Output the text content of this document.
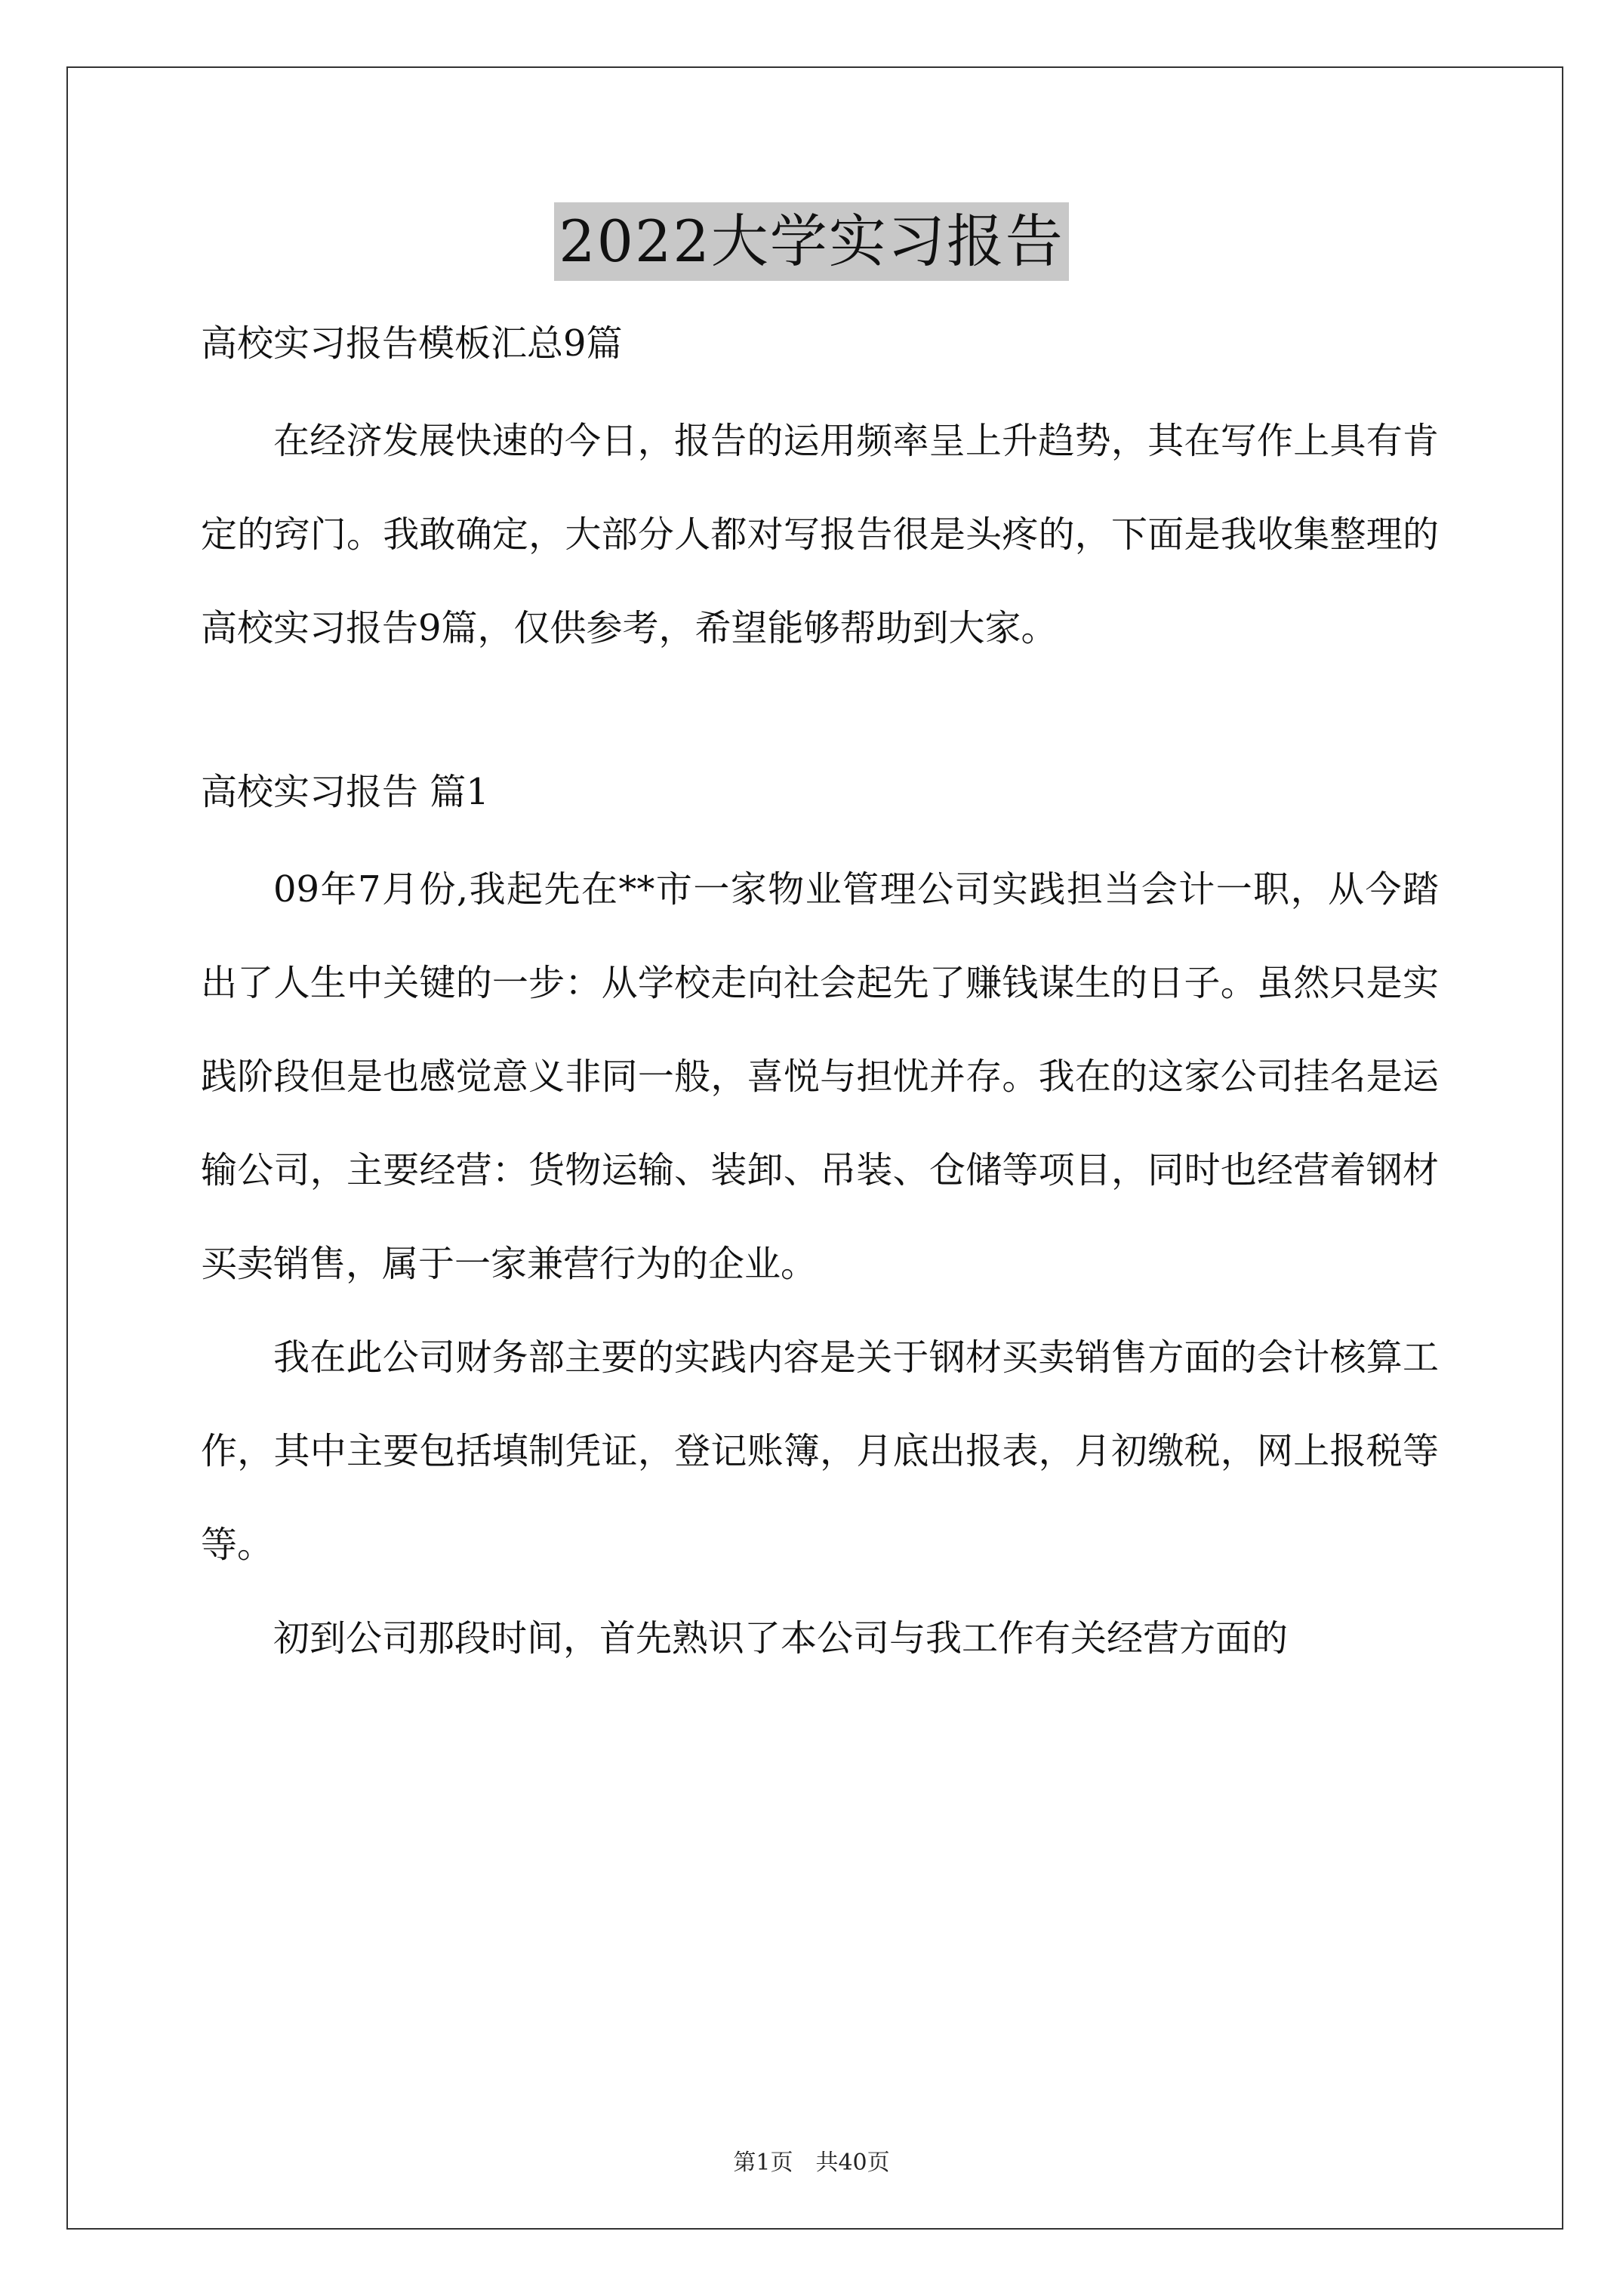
2022大学实习报告
高校实习报告模板汇总9篇

在经济发展快速的今日，报告的运用频率呈上升趋势，其在写作上具有肯定的窍门。我敢确定，大部分人都对写报告很是头疼的，下面是我收集整理的高校实习报告9篇，仅供参考，希望能够帮助到大家。

高校实习报告 篇1

09年7月份,我起先在**市一家物业管理公司实践担当会计一职，从今踏出了人生中关键的一步：从学校走向社会起先了赚钱谋生的日子。虽然只是实践阶段但是也感觉意义非同一般，喜悦与担忧并存。我在的这家公司挂名是运输公司，主要经营：货物运输、装卸、吊装、仓储等项目，同时也经营着钢材买卖销售，属于一家兼营行为的企业。

我在此公司财务部主要的实践内容是关于钢材买卖销售方面的会计核算工作，其中主要包括填制凭证，登记账簿，月底出报表，月初缴税，网上报税等等。

初到公司那段时间，首先熟识了本公司与我工作有关经营方面的

第1页　共40页
